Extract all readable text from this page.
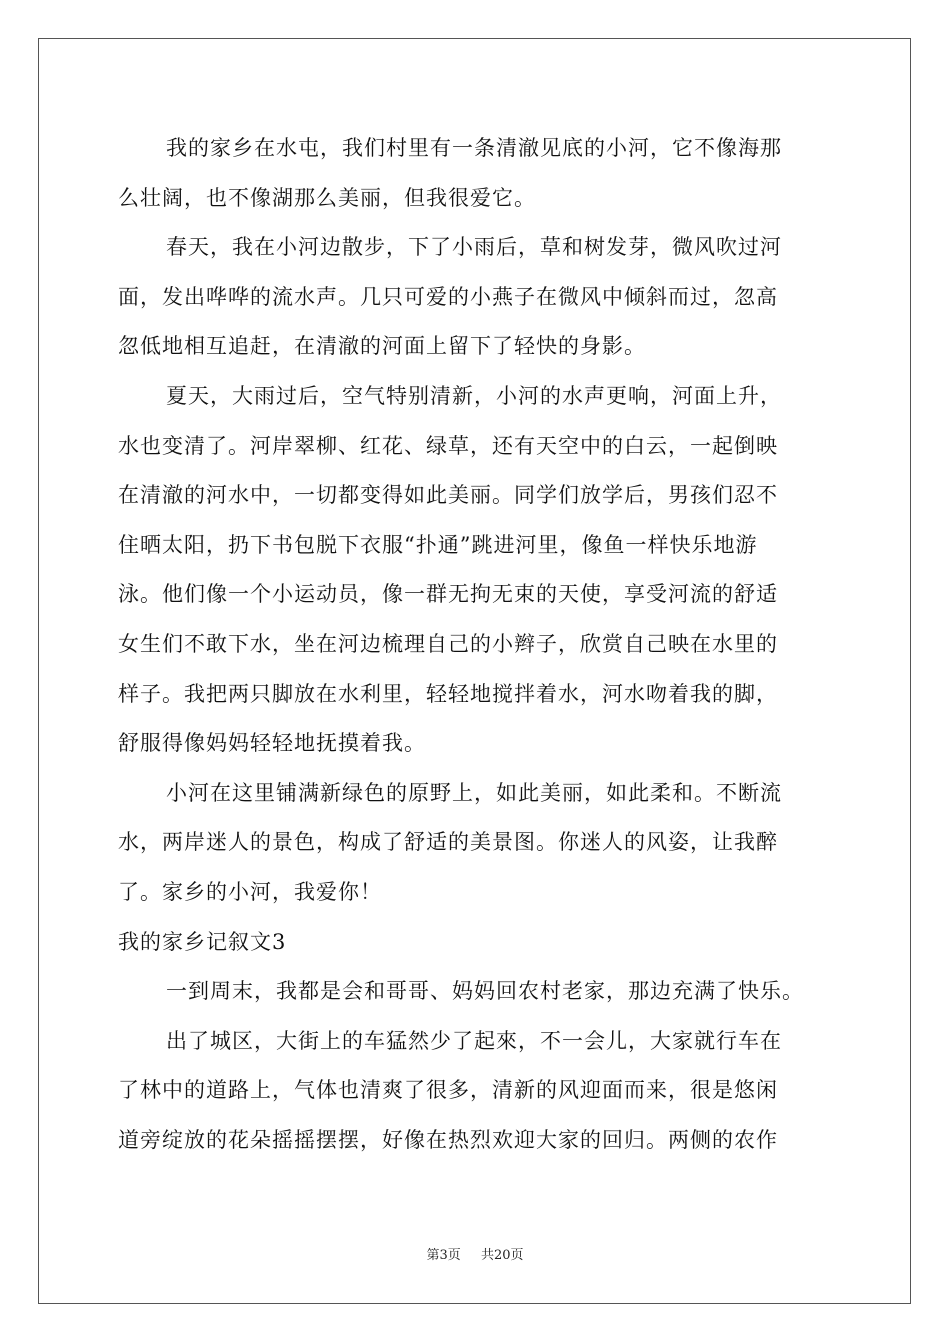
我的家乡在水屯，我们村里有一条清澈见底的小河，它不像海那
么壮阔，也不像湖那么美丽，但我很爱它。
春天，我在小河边散步，下了小雨后，草和树发芽，微风吹过河
面，发出哗哗的流水声。几只可爱的小燕子在微风中倾斜而过，忽高
忽低地相互追赶，在清澈的河面上留下了轻快的身影。
夏天，大雨过后，空气特别清新，小河的水声更响，河面上升，
水也变清了。河岸翠柳、红花、绿草，还有天空中的白云，一起倒映
在清澈的河水中，一切都变得如此美丽。同学们放学后，男孩们忍不
住晒太阳，扔下书包脱下衣服“扑通”跳进河里，像鱼一样快乐地游
泳。他们像一个小运动员，像一群无拘无束的天使，享受河流的舒适
女生们不敢下水，坐在河边梳理自己的小辫子，欣赏自己映在水里的
样子。我把两只脚放在水利里，轻轻地搅拌着水，河水吻着我的脚，
舒服得像妈妈轻轻地抚摸着我。
小河在这里铺满新绿色的原野上，如此美丽，如此柔和。不断流
水，两岸迷人的景色，构成了舒适的美景图。你迷人的风姿，让我醉
了。家乡的小河，我爱你！
我的家乡记叙文3
一到周末，我都是会和哥哥、妈妈回农村老家，那边充满了快乐。
出了城区，大街上的车猛然少了起來，不一会儿，大家就行车在
了林中的道路上，气体也清爽了很多，清新的风迎面而来，很是悠闲
道旁绽放的花朵摇摇摆摆，好像在热烈欢迎大家的回归。两侧的农作
第3页 共20页
